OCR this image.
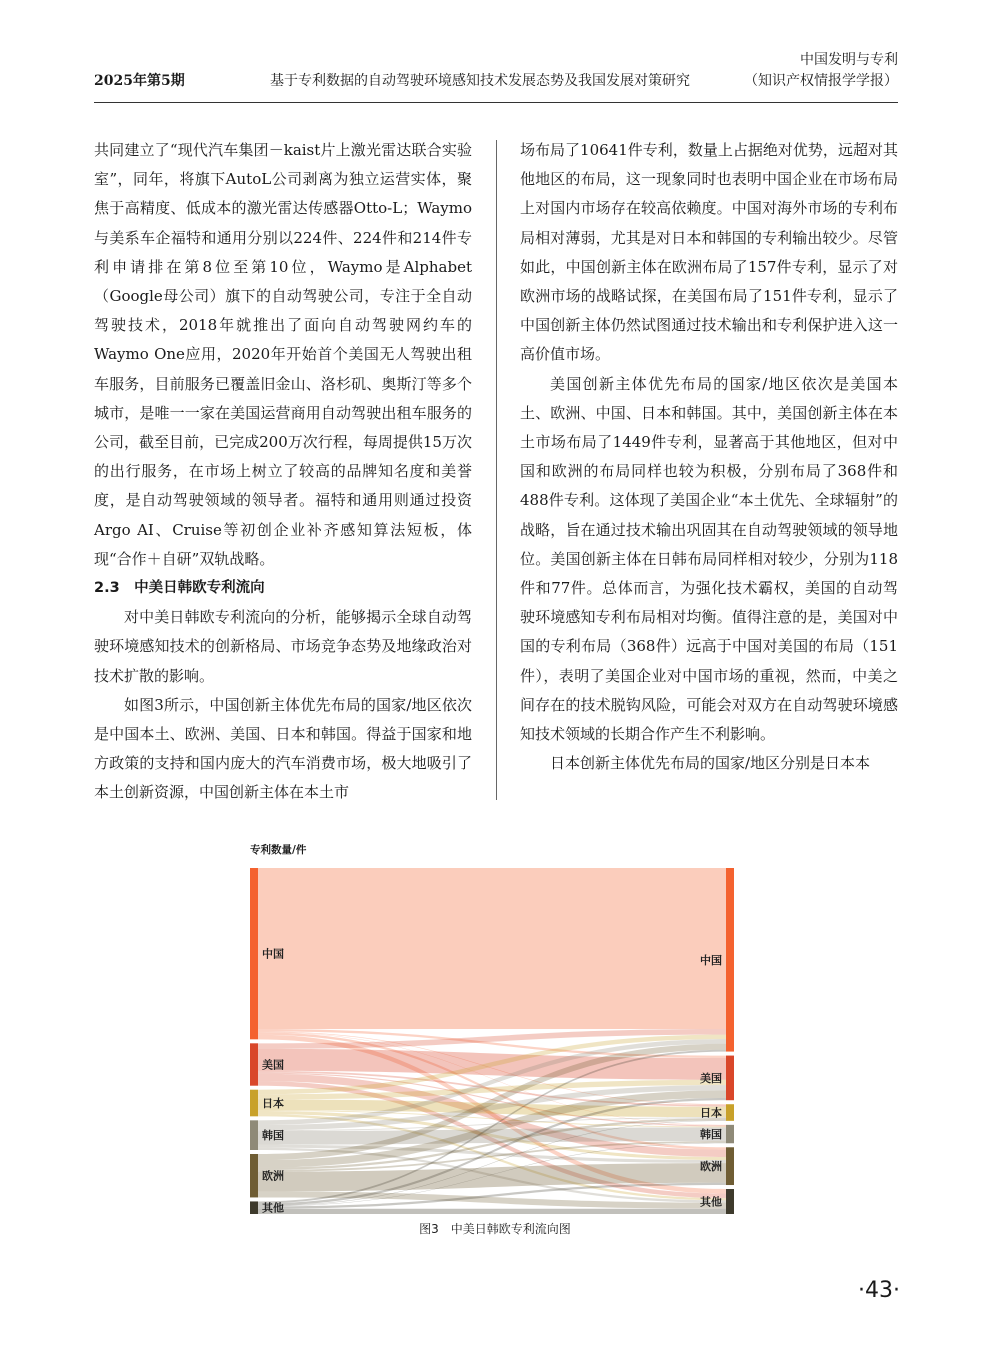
2025年第5期	基于专利数据的自动驾驶环境感知技术发展态势及我国发展对策研究
中国发明与专利
（知识产权情报学学报）

共同建立了“现代汽车集团－kaist片上激光雷达联合实验室”，同年，将旗下AutoL公司剥离为独立运营实体，聚焦于高精度、低成本的激光雷达传感器Otto-L；Waymo与美系车企福特和通用分别以224件、224件和214件专利申请排在第8位至第10位，Waymo是Alphabet（Google母公司）旗下的自动驾驶公司，专注于全自动驾驶技术，2018年就推出了面向自动驾驶网约车的Waymo One应用，2020年开始首个美国无人驾驶出租车服务，目前服务已覆盖旧金山、洛杉矶、奥斯汀等多个城市，是唯一一家在美国运营商用自动驾驶出租车服务的公司，截至目前，已完成200万次行程，每周提供15万次的出行服务，在市场上树立了较高的品牌知名度和美誉度，是自动驾驶领域的领导者。福特和通用则通过投资Argo AI、Cruise等初创企业补齐感知算法短板，体现“合作＋自研”双轨战略。

2.3　中美日韩欧专利流向

对中美日韩欧专利流向的分析，能够揭示全球自动驾驶环境感知技术的创新格局、市场竞争态势及地缘政治对技术扩散的影响。

如图3所示，中国创新主体优先布局的国家/地区依次是中国本土、欧洲、美国、日本和韩国。得益于国家和地方政策的支持和国内庞大的汽车消费市场，极大地吸引了本土创新资源，中国创新主体在本土市

场布局了10641件专利，数量上占据绝对优势，远超对其他地区的布局，这一现象同时也表明中国企业在市场布局上对国内市场存在较高依赖度。中国对海外市场的专利布局相对薄弱，尤其是对日本和韩国的专利输出较少。尽管如此，中国创新主体在欧洲布局了157件专利，显示了对欧洲市场的战略试探，在美国布局了151件专利，显示了中国创新主体仍然试图通过技术输出和专利保护进入这一高价值市场。

美国创新主体优先布局的国家/地区依次是美国本土、欧洲、中国、日本和韩国。其中，美国创新主体在本土市场布局了1449件专利，显著高于其他地区，但对中国和欧洲的布局同样也较为积极，分别布局了368件和488件专利。这体现了美国企业“本土优先、全球辐射”的战略，旨在通过技术输出巩固其在自动驾驶领域的领导地位。美国创新主体在日韩布局同样相对较少，分别为118件和77件。总体而言，为强化技术霸权，美国的自动驾驶环境感知专利布局相对均衡。值得注意的是，美国对中国的专利布局（368件）远高于中国对美国的布局（151件），表明了美国企业对中国市场的重视，然而，中美之间存在的技术脱钩风险，可能会对双方在自动驾驶环境感知技术领域的长期合作产生不利影响。

日本创新主体优先布局的国家/地区分别是日本本

中国
美国
日本
韩国
欧洲
其他
中国
美国
日本
韩国
欧洲
其他
专利数量/件
图3　中美日韩欧专利流向图
·43·
